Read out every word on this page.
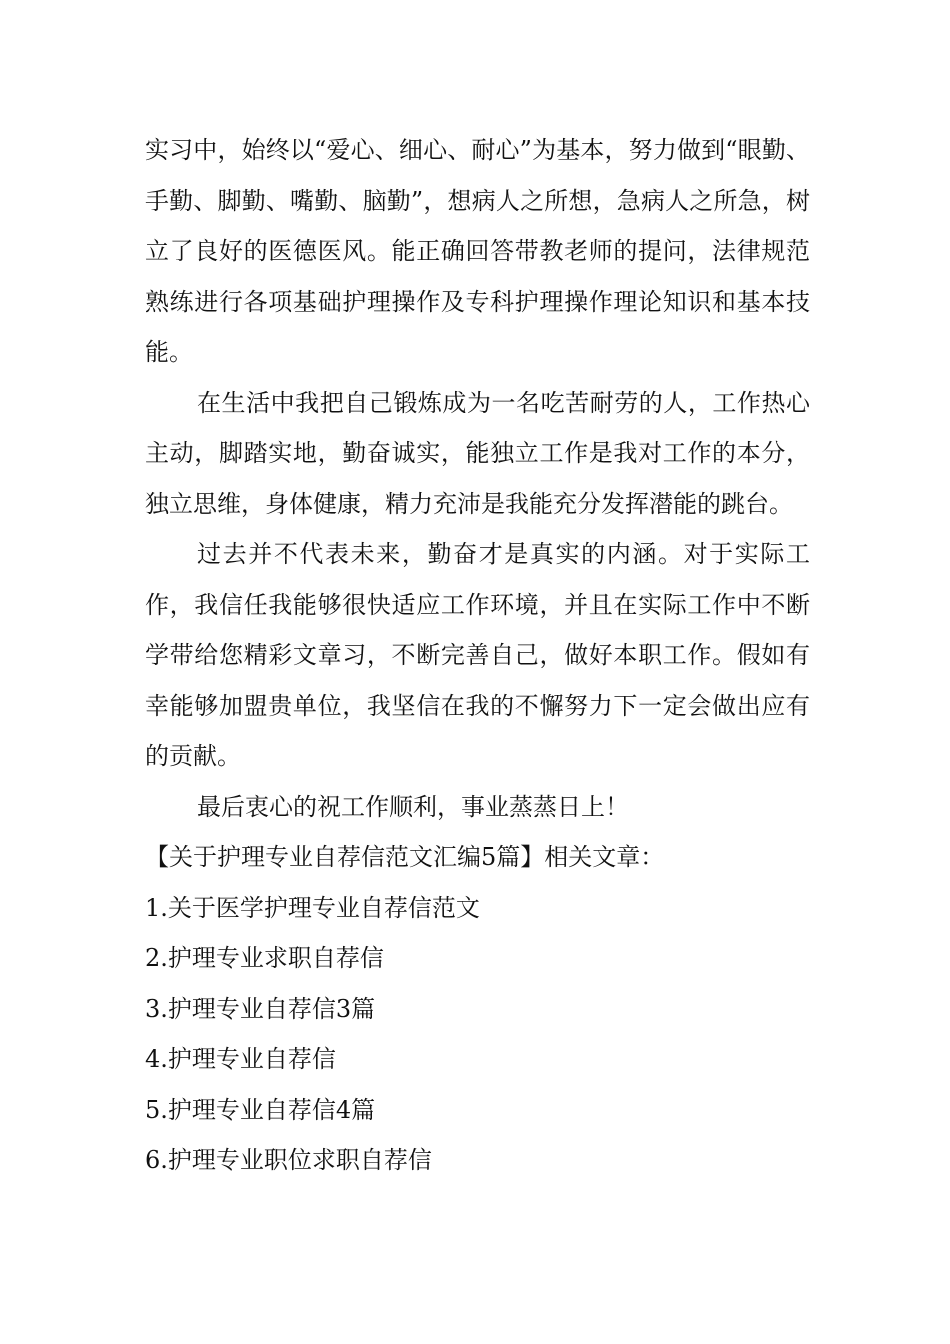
实习中，始终以“爱心、细心、耐心”为基本，努力做到“眼勤、手勤、脚勤、嘴勤、脑勤”，想病人之所想，急病人之所急，树立了良好的医德医风。能正确回答带教老师的提问，法律规范熟练进行各项基础护理操作及专科护理操作理论知识和基本技能。

在生活中我把自己锻炼成为一名吃苦耐劳的人，工作热心主动，脚踏实地，勤奋诚实，能独立工作是我对工作的本分，独立思维，身体健康，精力充沛是我能充分发挥潜能的跳台。

过去并不代表未来，勤奋才是真实的内涵。对于实际工作，我信任我能够很快适应工作环境，并且在实际工作中不断学带给您精彩文章习，不断完善自己，做好本职工作。假如有幸能够加盟贵单位，我坚信在我的不懈努力下一定会做出应有的贡献。

最后衷心的祝工作顺利，事业蒸蒸日上！

【关于护理专业自荐信范文汇编5篇】相关文章：

1.关于医学护理专业自荐信范文
2.护理专业求职自荐信
3.护理专业自荐信3篇
4.护理专业自荐信
5.护理专业自荐信4篇
6.护理专业职位求职自荐信
